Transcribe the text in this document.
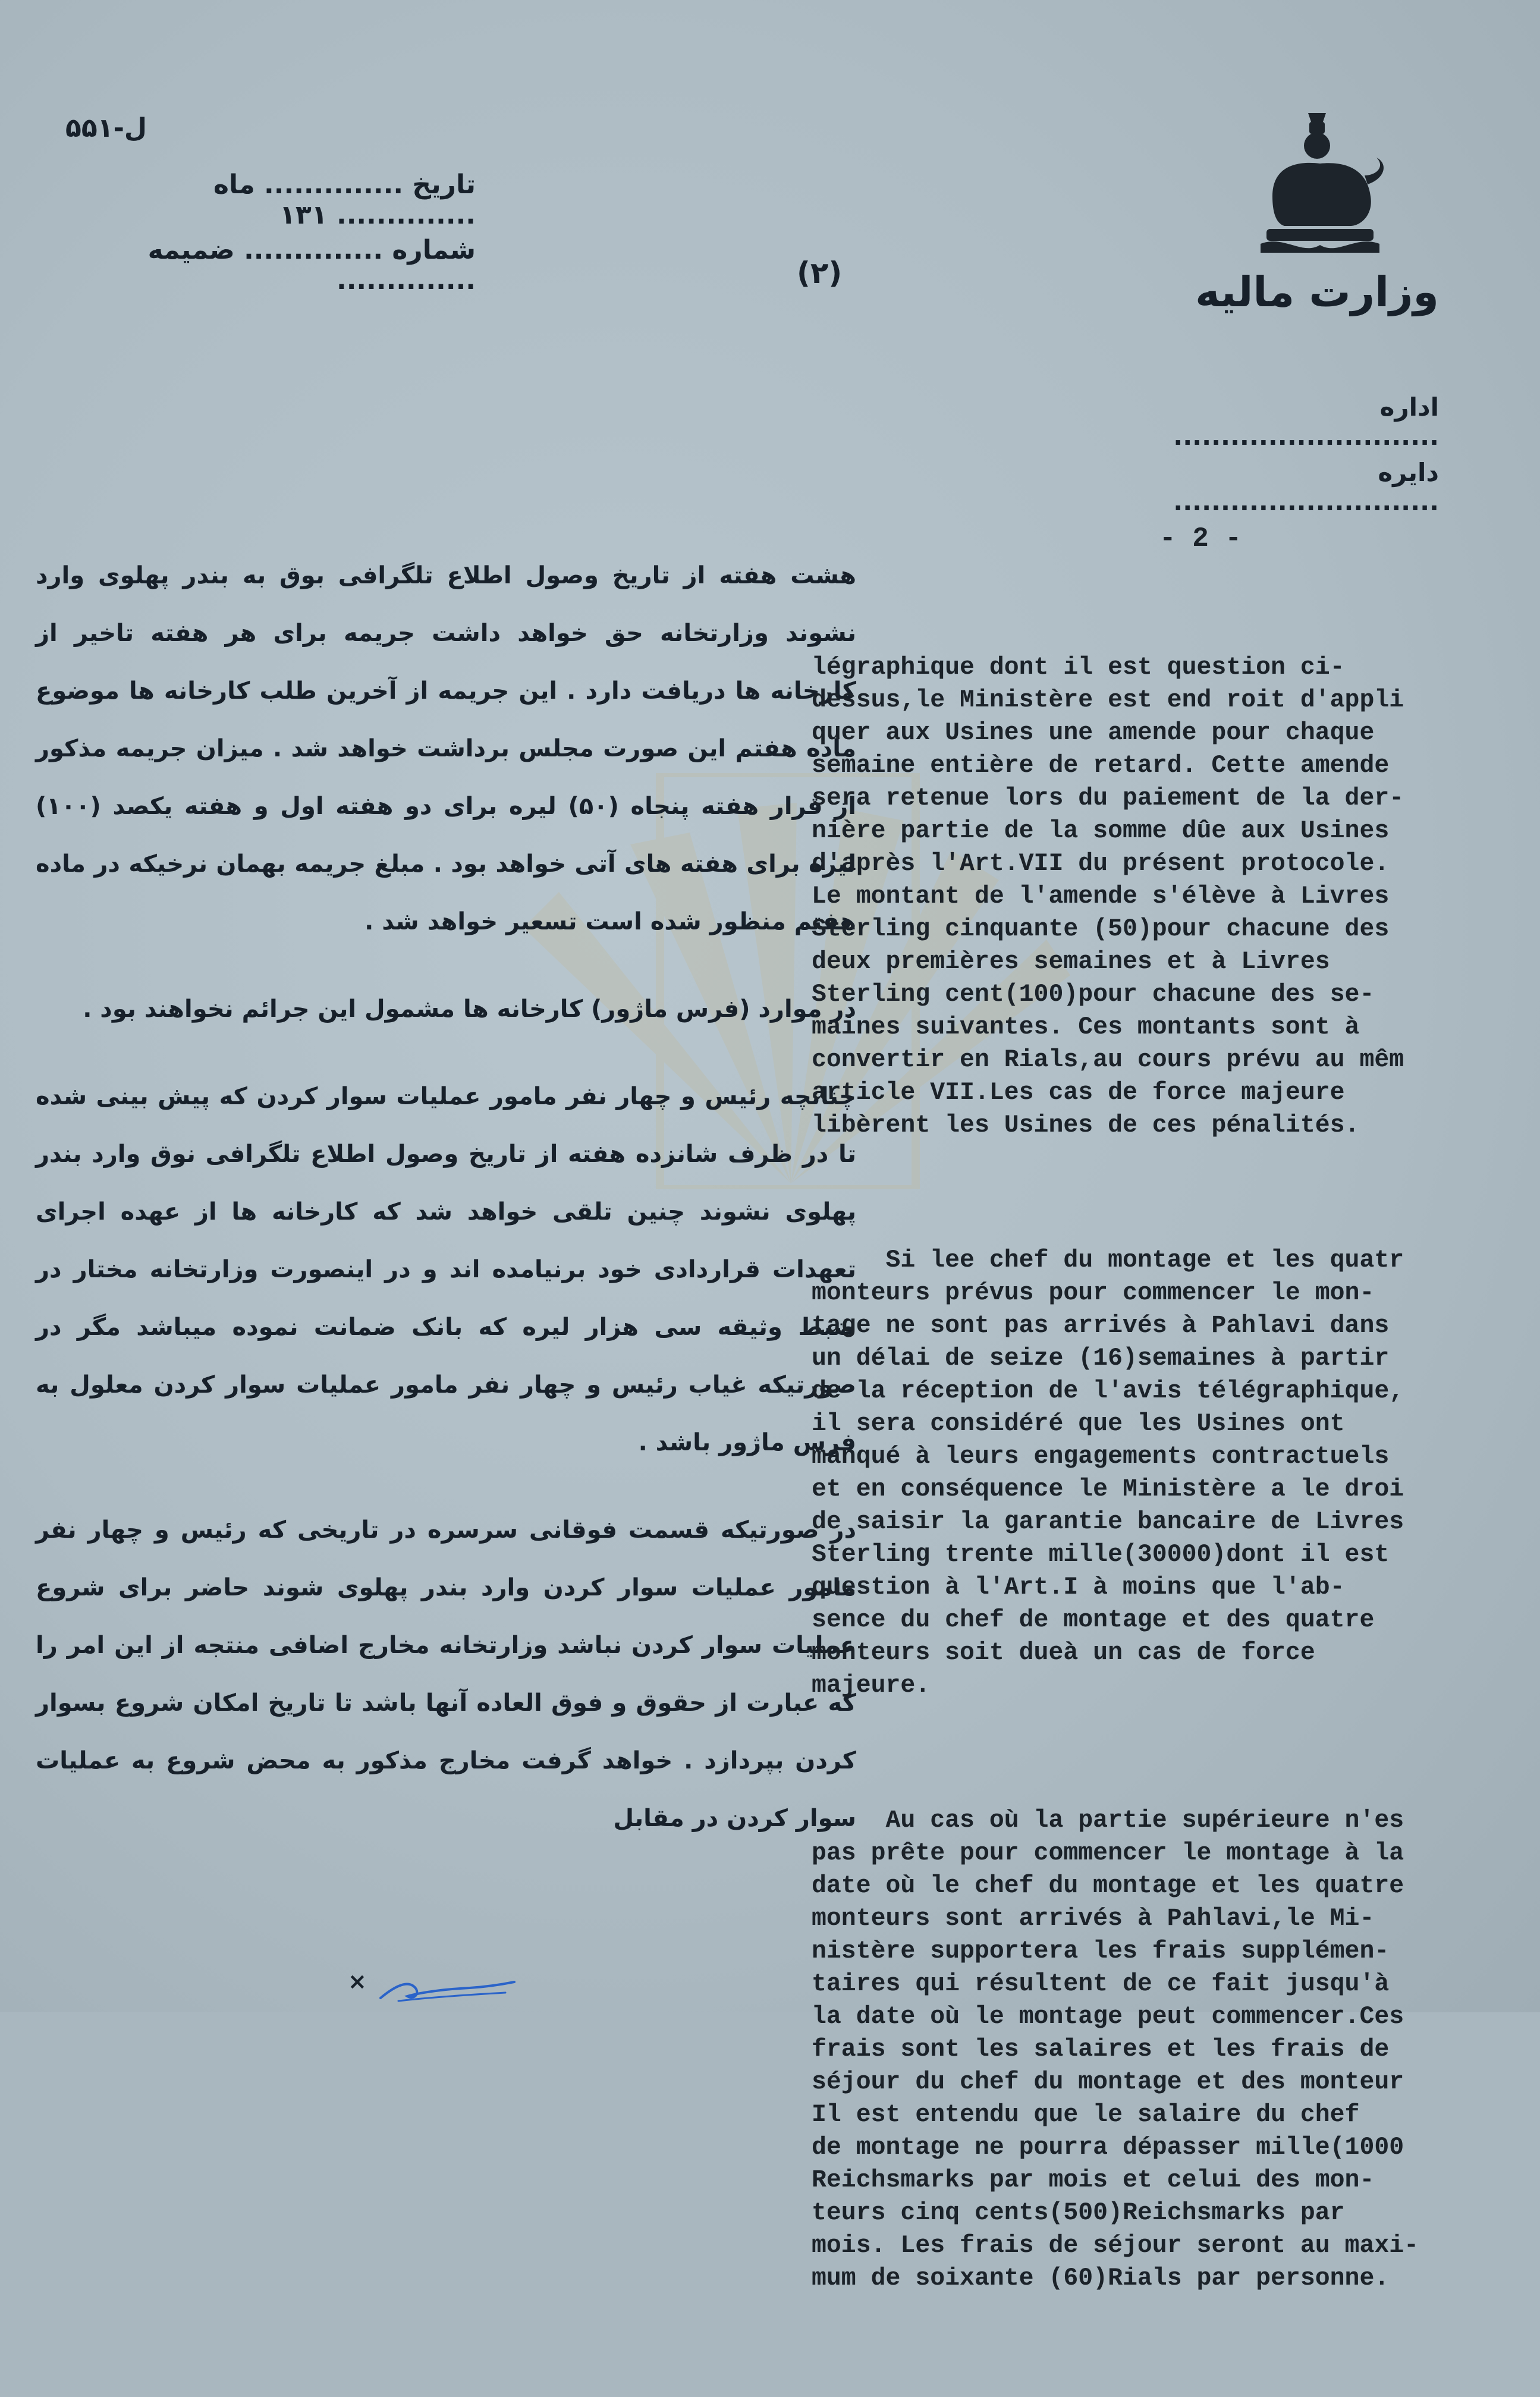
ل-۵۵۱
تاریخ .............. ماه .............. ۱۳۱
شماره .............. ضمیمه ..............	(۲)	وزارت مالیه
اداره ............................
دایره ............................
- 2 -

هشت هفته از تاریخ وصول اطلاع تلگرافی بوق به بندر پهلوی وارد نشوند وزارتخانه حق خواهد داشت جریمه برای هر هفته تاخیر از کارخانه ها دریافت دارد . این جریمه از آخرین طلب کارخانه ها موضوع ماده هفتم این صورت مجلس برداشت خواهد شد . میزان جریمه مذکور از قرار هفته پنجاه (۵۰) لیره برای دو هفته اول و هفته یکصد (۱۰۰) لیره برای هفته های آتی خواهد بود . مبلغ جریمه بهمان نرخیکه در ماده هفتم منظور شده است تسعیر خواهد شد .

در موارد (فرس ماژور) کارخانه ها مشمول این جرائم نخواهند بود .

چنانچه رئیس و چهار نفر مامور عملیات سوار کردن که پیش بینی شده تا در ظرف شانزده هفته از تاریخ وصول اطلاع تلگرافی نوق وارد بندر پهلوی نشوند چنین تلقی خواهد شد که کارخانه ها از عهده اجرای تعهدات قراردادی خود برنیامده اند و در اینصورت وزارتخانه مختار در ضبط وثیقه سی هزار لیره که بانک ضمانت نموده میباشد مگر در صورتیکه غیاب رئیس و چهار نفر مامور عملیات سوار کردن معلول به فرس ماژور باشد .

در صورتیکه قسمت فوقانی سرسره در تاریخی که رئیس و چهار نفر مامور عملیات سوار کردن وارد بندر پهلوی شوند حاضر برای شروع عملیات سوار کردن نباشد وزارتخانه مخارج اضافی منتجه از این امر را که عبارت از حقوق و فوق العاده آنها باشد تا تاریخ امکان شروع بسوار کردن بپردازد . خواهد گرفت مخارج مذکور به محض شروع به عملیات سوار کردن در مقابل

légraphique dont il est question ci-
dessus,le Ministère est end roit d'appli
quer aux Usines une amende pour chaque
semaine entière de retard. Cette amende
sera retenue lors du paiement de la der-
nière partie de la somme dûe aux Usines
d'après l'Art.VII du présent protocole.
Le montant de l'amende s'élève à Livres
Sterling cinquante (50)pour chacune des
deux premières semaines et à Livres
Sterling cent(100)pour chacune des se-
maines suivantes. Ces montants sont à
convertir en Rials,au cours prévu au mêm
article VII.Les cas de force majeure
libèrent les Usines de ces pénalités.

Si lee chef du montage et les quatr
monteurs prévus pour commencer le mon-
tage ne sont pas arrivés à Pahlavi dans
un délai de seize (16)semaines à partir
de la réception de l'avis télégraphique,
il sera considéré que les Usines ont
manqué à leurs engagements contractuels
et en conséquence le Ministère a le droi
de saisir la garantie bancaire de Livres
Sterling trente mille(30000)dont il est
question à l'Art.I à moins que l'ab-
sence du chef de montage et des quatre
monteurs soit dueà un cas de force
majeure.

Au cas où la partie supérieure n'es
pas prête pour commencer le montage à la
date où le chef du montage et les quatre
monteurs sont arrivés à Pahlavi,le Mi-
nistère supportera les frais supplémen-
taires qui résultent de ce fait jusqu'à
la date où le montage peut commencer.Ces
frais sont les salaires et les frais de
séjour du chef du montage et des monteur
Il est entendu que le salaire du chef
de montage ne pourra dépasser mille(1000
Reichsmarks par mois et celui des mon-
teurs cinq cents(500)Reichsmarks par
mois. Les frais de séjour seront au maxi-
mum de soixante (60)Rials par personne.

×
